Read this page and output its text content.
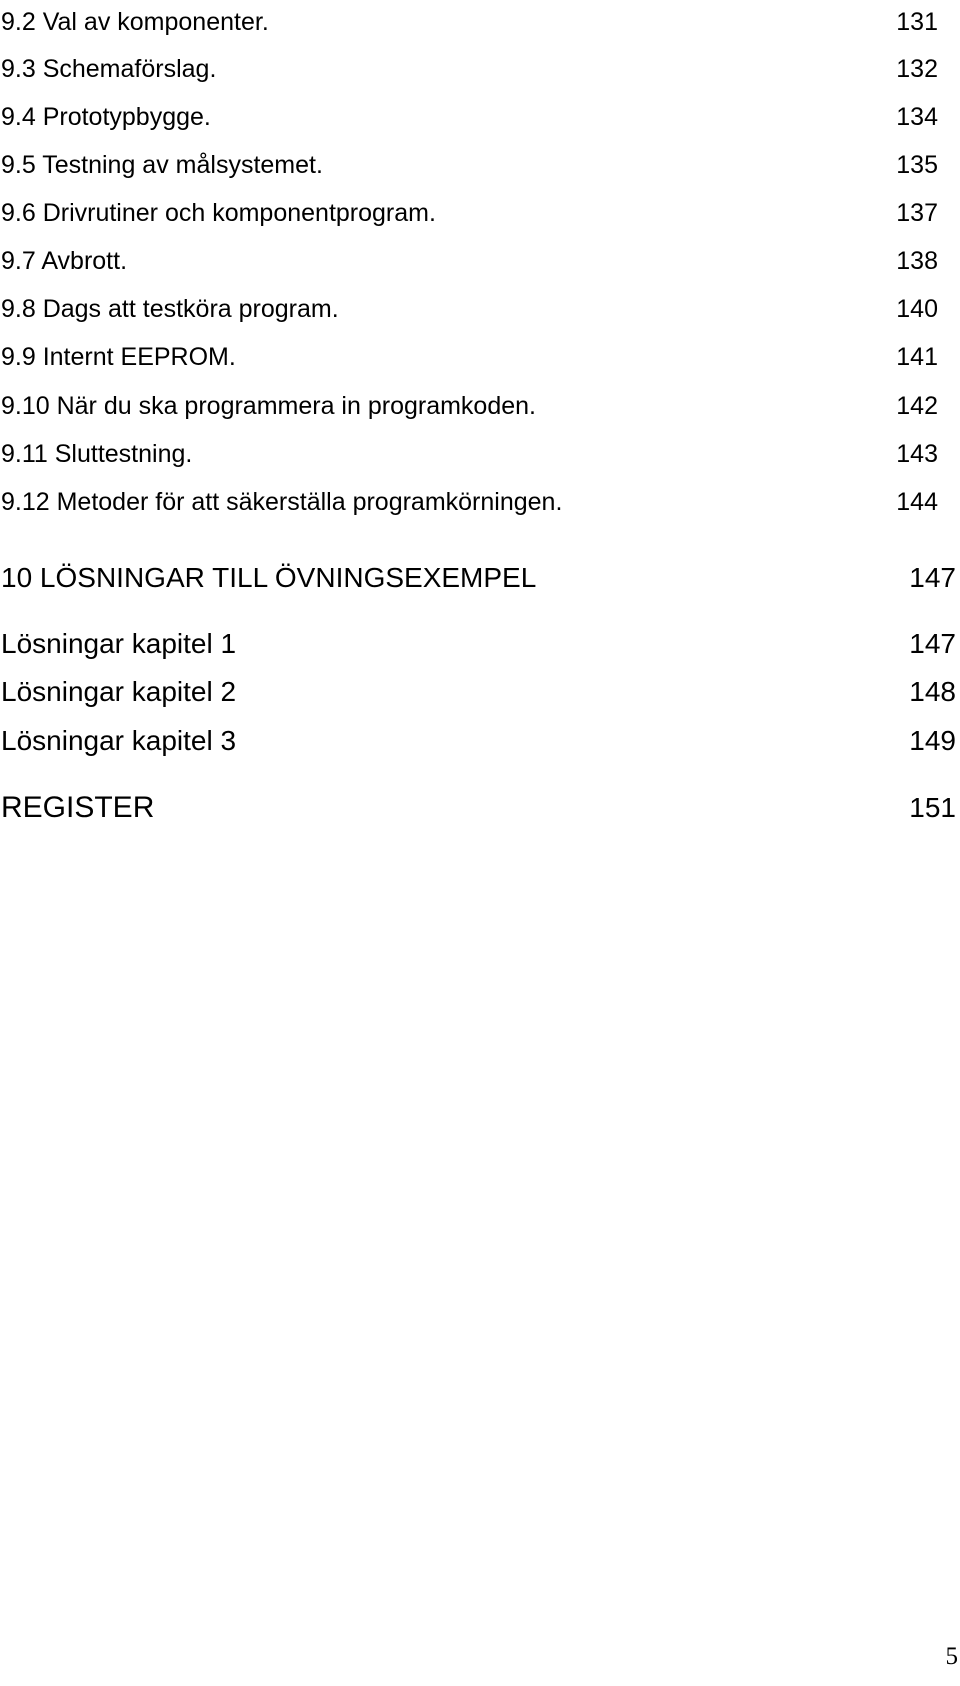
9.2 Val av komponenter.	131
9.3 Schemaförslag.	132
9.4 Prototypbygge.	134
9.5 Testning av målsystemet.	135
9.6 Drivrutiner och komponentprogram.	137
9.7 Avbrott.	138
9.8 Dags att testköra program.	140
9.9 Internt EEPROM.	141
9.10 När du ska programmera in programkoden.	142
9.11 Sluttestning.	143
9.12 Metoder för att säkerställa programkörningen.	144
10 LÖSNINGAR TILL ÖVNINGSEXEMPEL	147
Lösningar kapitel 1	147
Lösningar kapitel 2	148
Lösningar kapitel 3	149
REGISTER	151
5
